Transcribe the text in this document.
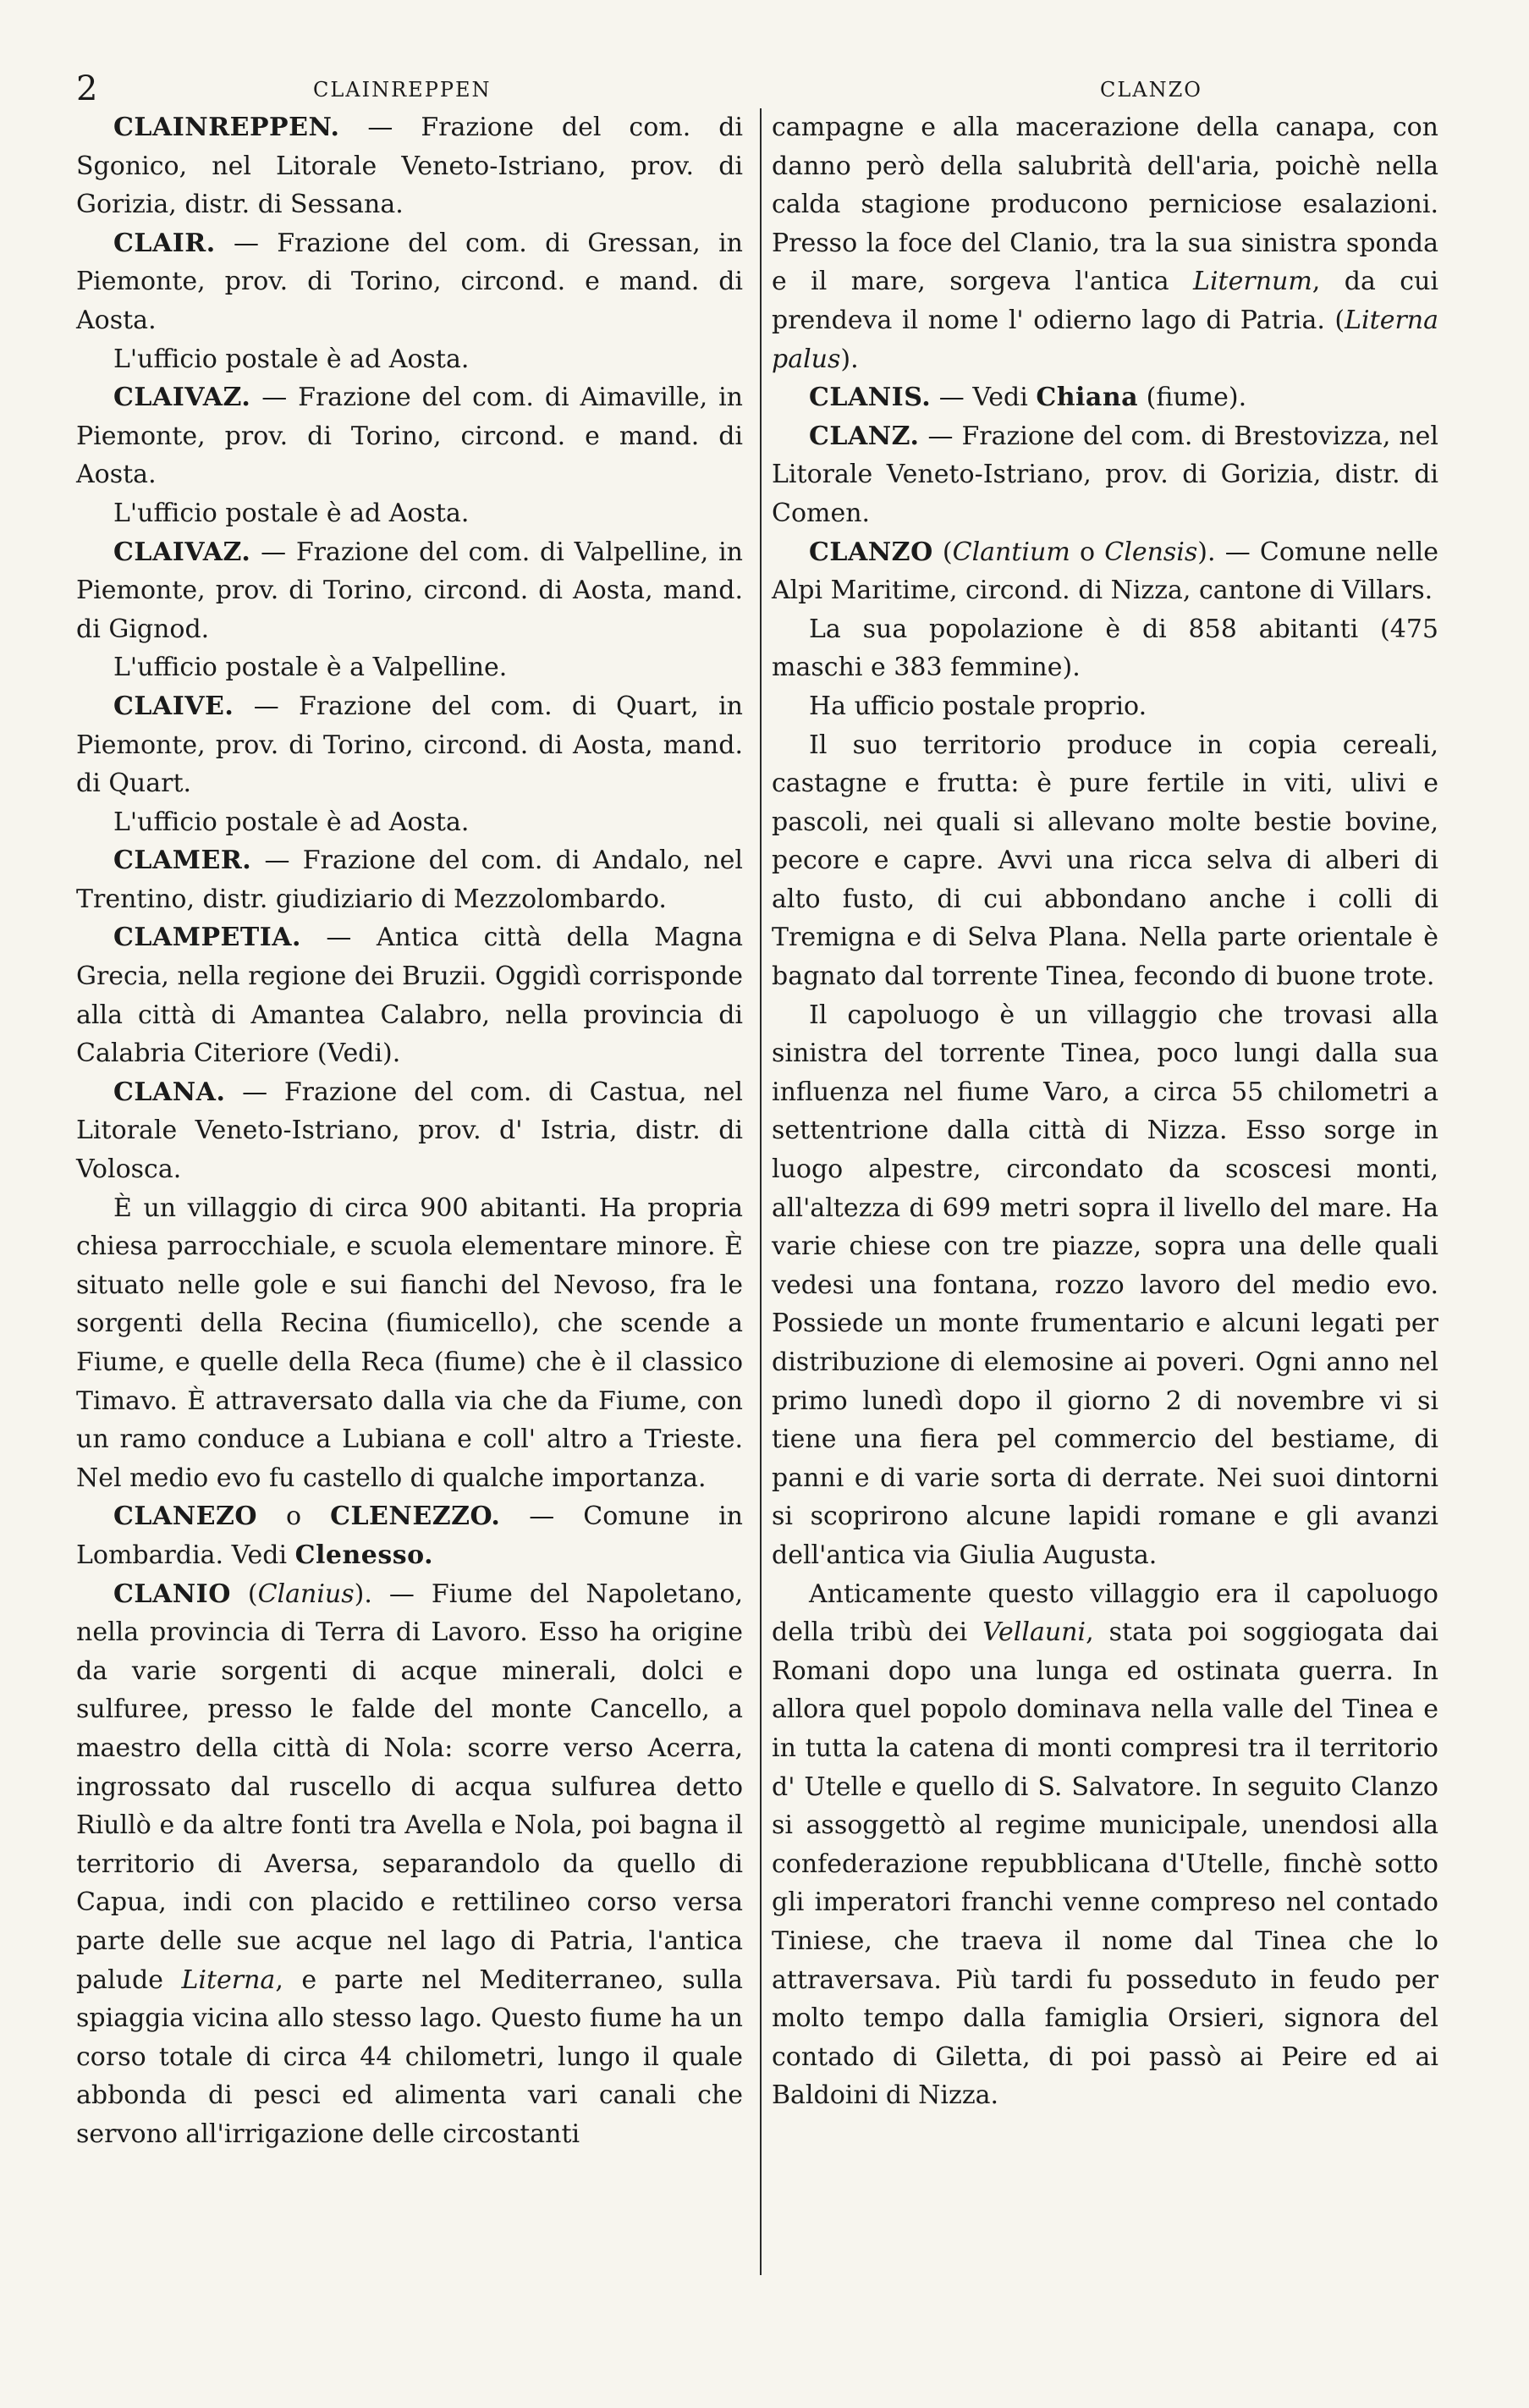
2	CLAINREPPEN	CLANZO

CLAINREPPEN. — Frazione del com. di Sgonico, nel Litorale Veneto-Istriano, prov. di Gorizia, distr. di Sessana.

CLAIR. — Frazione del com. di Gressan, in Piemonte, prov. di Torino, circond. e mand. di Aosta.

L'ufficio postale è ad Aosta.

CLAIVAZ. — Frazione del com. di Aimaville, in Piemonte, prov. di Torino, circond. e mand. di Aosta.

L'ufficio postale è ad Aosta.

CLAIVAZ. — Frazione del com. di Valpelline, in Piemonte, prov. di Torino, circond. di Aosta, mand. di Gignod.

L'ufficio postale è a Valpelline.

CLAIVE. — Frazione del com. di Quart, in Piemonte, prov. di Torino, circond. di Aosta, mand. di Quart.

L'ufficio postale è ad Aosta.

CLAMER. — Frazione del com. di Andalo, nel Trentino, distr. giudiziario di Mezzolombardo.

CLAMPETIA. — Antica città della Magna Grecia, nella regione dei Bruzii. Oggidì corrisponde alla città di Amantea Calabro, nella provincia di Calabria Citeriore (Vedi).

CLANA. — Frazione del com. di Castua, nel Litorale Veneto-Istriano, prov. d' Istria, distr. di Volosca.

È un villaggio di circa 900 abitanti. Ha propria chiesa parrocchiale, e scuola elementare minore. È situato nelle gole e sui fianchi del Nevoso, fra le sorgenti della Recina (fiumicello), che scende a Fiume, e quelle della Reca (fiume) che è il classico Timavo. È attraversato dalla via che da Fiume, con un ramo conduce a Lubiana e coll' altro a Trieste. Nel medio evo fu castello di qualche importanza.

CLANEZO o CLENEZZO. — Comune in Lombardia. Vedi Clenesso.

CLANIO (Clanius). — Fiume del Napoletano, nella provincia di Terra di Lavoro. Esso ha origine da varie sorgenti di acque minerali, dolci e sulfuree, presso le falde del monte Cancello, a maestro della città di Nola: scorre verso Acerra, ingrossato dal ruscello di acqua sulfurea detto Riullò e da altre fonti tra Avella e Nola, poi bagna il territorio di Aversa, separandolo da quello di Capua, indi con placido e rettilineo corso versa parte delle sue acque nel lago di Patria, l'antica palude Literna, e parte nel Mediterraneo, sulla spiaggia vicina allo stesso lago. Questo fiume ha un corso totale di circa 44 chilometri, lungo il quale abbonda di pesci ed alimenta vari canali che servono all'irrigazione delle circostanti

campagne e alla macerazione della canapa, con danno però della salubrità dell'aria, poichè nella calda stagione producono perniciose esalazioni. Presso la foce del Clanio, tra la sua sinistra sponda e il mare, sorgeva l'antica Liternum, da cui prendeva il nome l' odierno lago di Patria. (Literna palus).

CLANIS. — Vedi Chiana (fiume).

CLANZ. — Frazione del com. di Brestovizza, nel Litorale Veneto-Istriano, prov. di Gorizia, distr. di Comen.

CLANZO (Clantium o Clensis). — Comune nelle Alpi Maritime, circond. di Nizza, cantone di Villars.

La sua popolazione è di 858 abitanti (475 maschi e 383 femmine).

Ha ufficio postale proprio.

Il suo territorio produce in copia cereali, castagne e frutta: è pure fertile in viti, ulivi e pascoli, nei quali si allevano molte bestie bovine, pecore e capre. Avvi una ricca selva di alberi di alto fusto, di cui abbondano anche i colli di Tremigna e di Selva Plana. Nella parte orientale è bagnato dal torrente Tinea, fecondo di buone trote.

Il capoluogo è un villaggio che trovasi alla sinistra del torrente Tinea, poco lungi dalla sua influenza nel fiume Varo, a circa 55 chilometri a settentrione dalla città di Nizza. Esso sorge in luogo alpestre, circondato da scoscesi monti, all'altezza di 699 metri sopra il livello del mare. Ha varie chiese con tre piazze, sopra una delle quali vedesi una fontana, rozzo lavoro del medio evo. Possiede un monte frumentario e alcuni legati per distribuzione di elemosine ai poveri. Ogni anno nel primo lunedì dopo il giorno 2 di novembre vi si tiene una fiera pel commercio del bestiame, di panni e di varie sorta di derrate. Nei suoi dintorni si scoprirono alcune lapidi romane e gli avanzi dell'antica via Giulia Augusta.

Anticamente questo villaggio era il capoluogo della tribù dei Vellauni, stata poi soggiogata dai Romani dopo una lunga ed ostinata guerra. In allora quel popolo dominava nella valle del Tinea e in tutta la catena di monti compresi tra il territorio d' Utelle e quello di S. Salvatore. In seguito Clanzo si assoggettò al regime municipale, unendosi alla confederazione repubblicana d'Utelle, finchè sotto gli imperatori franchi venne compreso nel contado Tiniese, che traeva il nome dal Tinea che lo attraversava. Più tardi fu posseduto in feudo per molto tempo dalla famiglia Orsieri, signora del contado di Giletta, di poi passò ai Peire ed ai Baldoini di Nizza.
